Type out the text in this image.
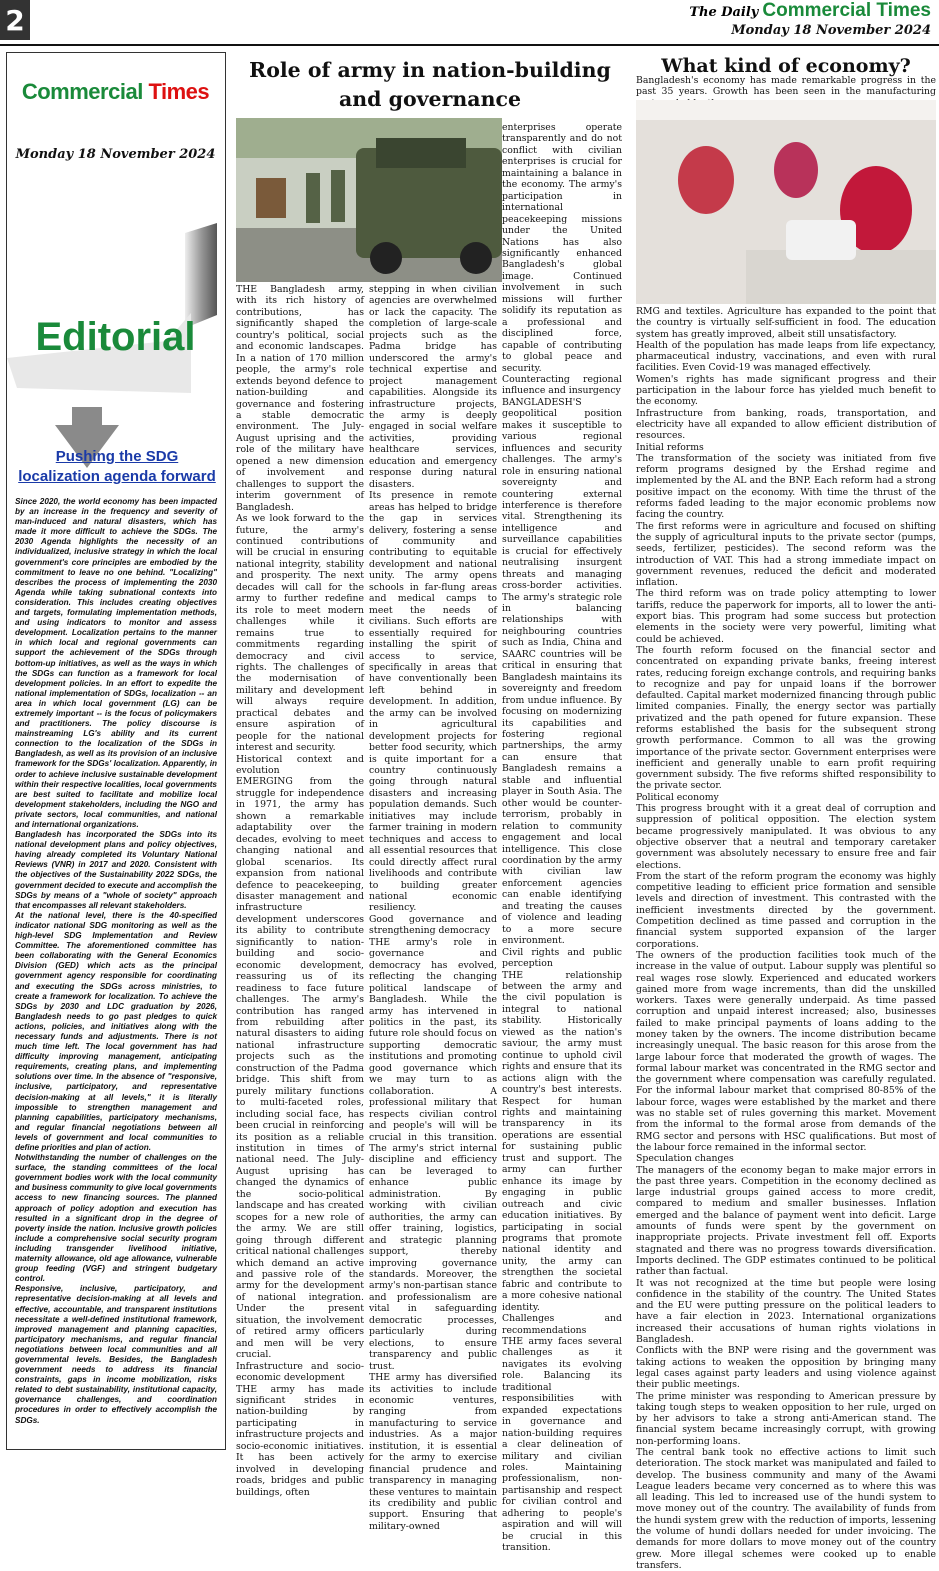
2	The Daily Commercial Times
Monday 18 November 2024
Commercial Times
Monday 18 November 2024
Editorial
Pushing the SDG localization agenda forward

Since 2020, the world economy has been impacted by an increase in the frequency and severity of man-induced and natural disasters, which has made it more difficult to achieve the SDGs. The 2030 Agenda highlights the necessity of an individualized, inclusive strategy in which the local government's core principles are embodied by the commitment to leave no one behind. "Localizing" describes the process of implementing the 2030 Agenda while taking subnational contexts into consideration. This includes creating objectives and targets, formulating implementation methods, and using indicators to monitor and assess development. Localization pertains to the manner in which local and regional governments can support the achievement of the SDGs through bottom-up initiatives, as well as the ways in which the SDGs can function as a framework for local development policies. In an effort to expedite the national implementation of SDGs, localization -- an area in which local government (LG) can be extremely important -- is the focus of policymakers and practitioners. The policy discourse is mainstreaming LG's ability and its current connection to the localization of the SDGs in Bangladesh, as well as its provision of an inclusive framework for the SDGs' localization. Apparently, in order to achieve inclusive sustainable development within their respective localities, local governments are best suited to facilitate and mobilize local development stakeholders, including the NGO and private sectors, local communities, and national and international organizations.

Bangladesh has incorporated the SDGs into its national development plans and policy objectives, having already completed its Voluntary National Reviews (VNR) in 2017 and 2020. Consistent with the objectives of the Sustainability 2022 SDGs, the government decided to execute and accomplish the SDGs by means of a "whole of society" approach that encompasses all relevant stakeholders.

At the national level, there is the 40-specified indicator national SDG monitoring as well as the high-level SDG Implementation and Review Committee. The aforementioned committee has been collaborating with the General Economics Division (GED) which acts as the principal government agency responsible for coordinating and executing the SDGs across ministries, to create a framework for localization. To achieve the SDGs by 2030 and LDC graduation by 2026, Bangladesh needs to go past pledges to quick actions, policies, and initiatives along with the necessary funds and adjustments. There is not much time left. The local government has had difficulty improving management, anticipating requirements, creating plans, and implementing solutions over time. In the absence of "responsive, inclusive, participatory, and representative decision-making at all levels," it is literally impossible to strengthen management and planning capabilities, participatory mechanisms, and regular financial negotiations between all levels of government and local communities to define priorities and plan of action.

Notwithstanding the number of challenges on the surface, the standing committees of the local government bodies work with the local community and business community to give local governments access to new financing sources. The planned approach of policy adoption and execution has resulted in a significant drop in the degree of poverty inside the nation. Inclusive growth policies include a comprehensive social security program including transgender livelihood initiative, maternity allowance, old age allowance, vulnerable group feeding (VGF) and stringent budgetary control.

Responsive, inclusive, participatory, and representative decision-making at all levels and effective, accountable, and transparent institutions necessitate a well-defined institutional framework, improved management and planning capacities, participatory mechanisms, and regular financial negotiations between local communities and all governmental levels. Besides, the Bangladesh government needs to address its financial constraints, gaps in income mobilization, risks related to debt sustainability, institutional capacity, governance challenges, and coordination procedures in order to effectively accomplish the SDGs.

Role of army in nation-building and governance

THE Bangladesh army, with its rich history of contributions, has significantly shaped the country's political, social and economic landscapes. In a nation of 170 million people, the army's role extends beyond defence to nation-building and governance and fostering a stable democratic environment. The July-August uprising and the role of the military have opened a new dimension of involvement and challenges to support the interim government of Bangladesh.

As we look forward to the future, the army's continued contributions will be crucial in ensuring national integrity, stability and prosperity. The next decades will call for the army to further redefine its role to meet modern challenges while it remains true to commitments regarding democracy and civil rights. The challenges of the modernisation of military and development will always require practical debates and ensure aspiration of people for the national interest and security.

Historical context and evolution

EMERGING from the struggle for independence in 1971, the army has shown a remarkable adaptability over the decades, evolving to meet changing national and global scenarios. Its expansion from national defence to peacekeeping, disaster management and infrastructure development underscores its ability to contribute significantly to nation-building and socio-economic development, reassuring us of its readiness to face future challenges. The army's contribution has ranged from rebuilding after natural disasters to aiding national infrastructure projects such as the construction of the Padma bridge. This shift from purely military functions to multi-faceted roles, including social face, has been crucial in reinforcing its position as a reliable institution in times of national need. The July-August uprising has changed the dynamics of the socio-political landscape and has created scopes for a new role of the army. We are still going through different critical national challenges which demand an active and passive role of the army for the development of national integration. Under the present situation, the involvement of retired army officers and men will be very crucial.

Infrastructure and socio-economic development

THE army has made significant strides in nation-building by participating in infrastructure projects and socio-economic initiatives. It has been actively involved in developing roads, bridges and public buildings, often

stepping in when civilian agencies are overwhelmed or lack the capacity. The completion of large-scale projects such as the Padma bridge has underscored the army's technical expertise and project management capabilities. Alongside its infrastructure projects, the army is deeply engaged in social welfare activities, providing healthcare services, education and emergency response during natural disasters.

Its presence in remote areas has helped to bridge the gap in services delivery, fostering a sense of community and contributing to equitable development and national unity. The army opens schools in far-flung areas and medical camps to meet the needs of civilians. Such efforts are essentially required for installing the spirit of access to service, specifically in areas that have conventionally been left behind in development. In addition, the army can be involved in agricultural development projects for better food security, which is quite important for a country continuously going through natural disasters and increasing population demands. Such initiatives may include farmer training in modern techniques and access to all essential resources that could directly affect rural livelihoods and contribute to building greater national economic resiliency.

Good governance and strengthening democracy

THE army's role in governance and democracy has evolved, reflecting the changing political landscape of Bangladesh. While the army has intervened in politics in the past, its future role should focus on supporting democratic institutions and promoting good governance which we may turn to as collaboration. A professional military that respects civilian control and people's will will be crucial in this transition. The army's strict internal discipline and efficiency can be leveraged to enhance public administration. By working with civilian authorities, the army can offer training, logistics, and strategic planning support, thereby improving governance standards. Moreover, the army's non-partisan stance and professionalism are vital in safeguarding democratic processes, particularly during elections, to ensure transparency and public trust.

THE army has diversified its activities to include economic ventures, ranging from manufacturing to service industries. As a major institution, it is essential for the army to exercise financial prudence and transparency in managing these ventures to maintain its credibility and public support. Ensuring that military-owned

enterprises operate transparently and do not conflict with civilian enterprises is crucial for maintaining a balance in the economy. The army's participation in international peacekeeping missions under the United Nations has also significantly enhanced Bangladesh's global image. Continued involvement in such missions will further solidify its reputation as a professional and disciplined force, capable of contributing to global peace and security.

Counteracting regional influence and insurgency

BANGLADESH'S geopolitical position makes it susceptible to various regional influences and security challenges. The army's role in ensuring national sovereignty and countering external interference is therefore vital. Strengthening its intelligence and surveillance capabilities is crucial for effectively neutralising insurgent threats and managing cross-border activities. The army's strategic role in balancing relationships with neighbouring countries such as India, China and SAARC countries will be critical in ensuring that Bangladesh maintains its sovereignty and freedom from undue influence. By focusing on modernizing its capabilities and fostering regional partnerships, the army can ensure that Bangladesh remains a stable and influential player in South Asia. The other would be counter-terrorism, probably in relation to community engagement and local intelligence. This close coordination by the army with civilian law enforcement agencies can enable identifying and treating the causes of violence and leading to a more secure environment.

Civil rights and public perception

THE relationship between the army and the civil population is integral to national stability. Historically viewed as the nation's saviour, the army must continue to uphold civil rights and ensure that its actions align with the country's best interests. Respect for human rights and maintaining transparency in its operations are essential for sustaining public trust and support. The army can further enhance its image by engaging in public outreach and civic education initiatives. By participating in social programs that promote national identity and unity, the army can strengthen the societal fabric and contribute to a more cohesive national identity.

Challenges and recommendations

THE army faces several challenges as it navigates its evolving role. Balancing its traditional responsibilities with expanded expectations in governance and nation-building requires a clear delineation of military and civilian roles. Maintaining professionalism, non-partisanship and respect for civilian control and adhering to people's aspiration and will will be crucial in this transition.

What kind of economy?
Bangladesh's economy has made remarkable progress in the past 35 years. Growth has been seen in the manufacturing

RMG and textiles. Agriculture has expanded to the point that the country is virtually self-sufficient in food. The education system has greatly improved, albeit still unsatisfactory.

Health of the population has made leaps from life expectancy, pharmaceutical industry, vaccinations, and even with rural facilities. Even Covid-19 was managed effectively.

Women's rights has made significant progress and their participation in the labour force has yielded much benefit to the economy.

Infrastructure from banking, roads, transportation, and electricity have all expanded to allow efficient distribution of resources.

Initial reforms

The transformation of the society was initiated from five reform programs designed by the Ershad regime and implemented by the AL and the BNP. Each reform had a strong positive impact on the economy. With time the thrust of the reforms faded leading to the major economic problems now facing the country.

The first reforms were in agriculture and focused on shifting the supply of agricultural inputs to the private sector (pumps, seeds, fertilizer, pesticides). The second reform was the introduction of VAT. This had a strong immediate impact on government revenues, reduced the deficit and moderated inflation.

The third reform was on trade policy attempting to lower tariffs, reduce the paperwork for imports, all to lower the anti-export bias. This program had some success but protection elements in the society were very powerful, limiting what could be achieved.

The fourth reform focused on the financial sector and concentrated on expanding private banks, freeing interest rates, reducing foreign exchange controls, and requiring banks to recognize and pay for unpaid loans if the borrower defaulted. Capital market modernized financing through public limited companies. Finally, the energy sector was partially privatized and the path opened for future expansion. These reforms established the basis for the subsequent strong growth performance. Common to all was the growing importance of the private sector. Government enterprises were inefficient and generally unable to earn profit requiring government subsidy. The five reforms shifted responsibility to the private sector.

Political economy

This progress brought with it a great deal of corruption and suppression of political opposition. The election system became progressively manipulated. It was obvious to any objective observer that a neutral and temporary caretaker government was absolutely necessary to ensure free and fair elections.

From the start of the reform program the economy was highly competitive leading to efficient price formation and sensible levels and direction of investment. This contrasted with the inefficient investments directed by the government. Competition declined as time passed and corruption in the financial system supported expansion of the larger corporations.

The owners of the production facilities took much of the increase in the value of output. Labour supply was plentiful so real wages rose slowly. Experienced and educated workers gained more from wage increments, than did the unskilled workers. Taxes were generally underpaid. As time passed corruption and unpaid interest increased; also, businesses failed to make principal payments of loans adding to the money taken by the owners. The income distribution became increasingly unequal. The basic reason for this arose from the large labour force that moderated the growth of wages. The formal labour market was concentrated in the RMG sector and the government where compensation was carefully regulated. For the informal labour market that comprised 80-85% of the labour force, wages were established by the market and there was no stable set of rules governing this market. Movement from the informal to the formal arose from demands of the RMG sector and persons with HSC qualifications. But most of the labour force remained in the informal sector.

Speculation changes

The managers of the economy began to make major errors in the past three years. Competition in the economy declined as large industrial groups gained access to more credit, compared to medium and smaller businesses. Inflation emerged and the balance of payment went into deficit. Large amounts of funds were spent by the government on inappropriate projects. Private investment fell off. Exports stagnated and there was no progress towards diversification. Imports declined. The GDP estimates continued to be political rather than factual.

It was not recognized at the time but people were losing confidence in the stability of the country. The United States and the EU were putting pressure on the political leaders to have a fair election in 2023. International organizations increased their accusations of human rights violations in Bangladesh.

Conflicts with the BNP were rising and the government was taking actions to weaken the opposition by bringing many legal cases against party leaders and using violence against their public meetings.

The prime minister was responding to American pressure by taking tough steps to weaken opposition to her rule, urged on by her advisors to take a strong anti-American stand. The financial system became increasingly corrupt, with growing non-performing loans.

The central bank took no effective actions to limit such deterioration. The stock market was manipulated and failed to develop. The business community and many of the Awami League leaders became very concerned as to where this was all leading. This led to increased use of the hundi system to move money out of the country. The availability of funds from the hundi system grew with the reduction of imports, lessening the volume of hundi dollars needed for under invoicing. The demands for more dollars to move money out of the country grew. More illegal schemes were cooked up to enable transfers.
